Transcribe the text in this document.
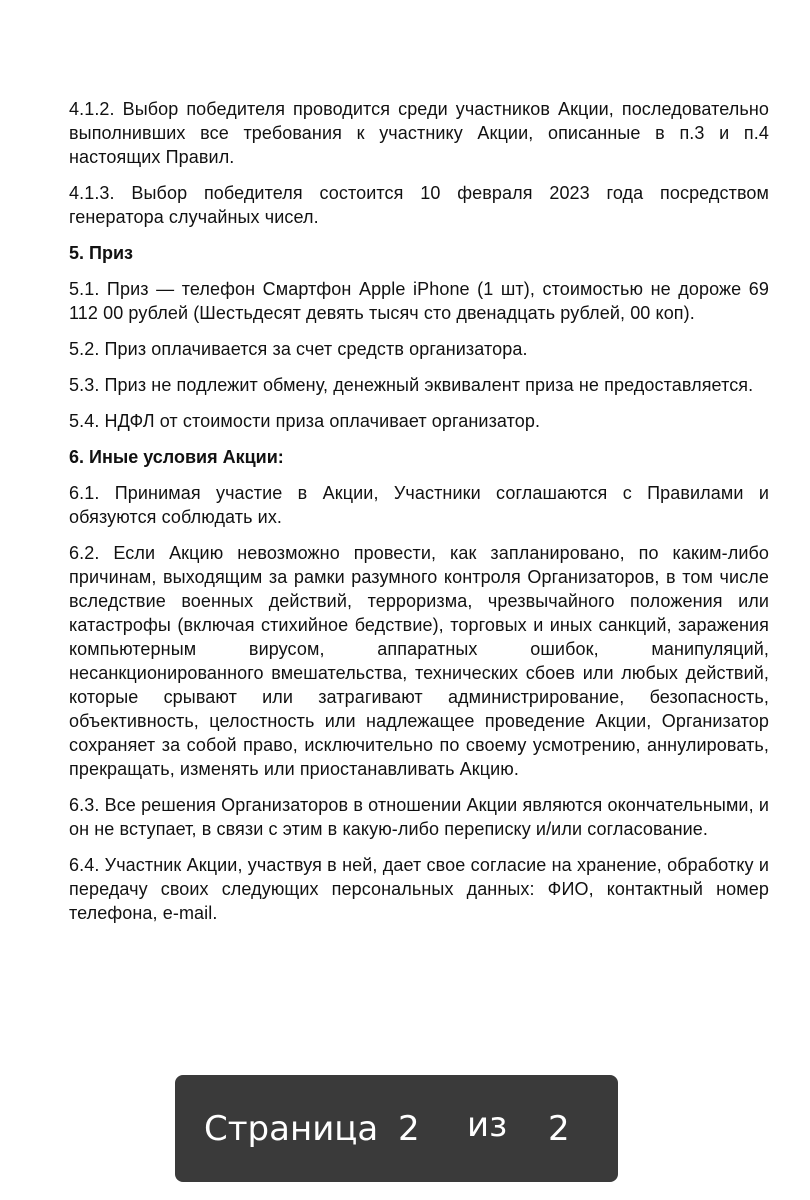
4.1.2. Выбор победителя проводится среди участников Акции, последовательно выполнивших все требования к участнику Акции, описанные в п.3 и п.4 настоящих Правил.

4.1.3. Выбор победителя состоится 10 февраля 2023 года посредством генератора случайных чисел.

5. Приз

5.1. Приз — телефон Смартфон Apple iPhone (1 шт), стоимостью не дороже 69 112 00 рублей (Шестьдесят девять тысяч сто двенадцать рублей, 00 коп).

5.2. Приз оплачивается за счет средств организатора.

5.3. Приз не подлежит обмену, денежный эквивалент приза не предоставляется.

5.4. НДФЛ от стоимости приза оплачивает организатор.

6. Иные условия Акции:

6.1. Принимая участие в Акции, Участники соглашаются с Правилами и обязуются соблюдать их.

6.2. Если Акцию невозможно провести, как запланировано, по каким-либо причинам, выходящим за рамки разумного контроля Организаторов, в том числе вследствие военных действий, терроризма, чрезвычайного положения или катастрофы (включая стихийное бедствие), торговых и иных санкций, заражения компьютерным вирусом, аппаратных ошибок, манипуляций, несанкционированного вмешательства, технических сбоев или любых действий, которые срывают или затрагивают администрирование, безопасность, объективность, целостность или надлежащее проведение Акции, Организатор сохраняет за собой право, исключительно по своему усмотрению, аннулировать, прекращать, изменять или приостанавливать Акцию.

6.3. Все решения Организаторов в отношении Акции являются окончательными, и он не вступает, в связи с этим в какую-либо переписку и/или согласование.

6.4. Участник Акции, участвуя в ней, дает свое согласие на хранение, обработку и передачу своих следующих персональных данных: ФИО, контактный номер телефона, e-mail.

Страница 2 из 2
